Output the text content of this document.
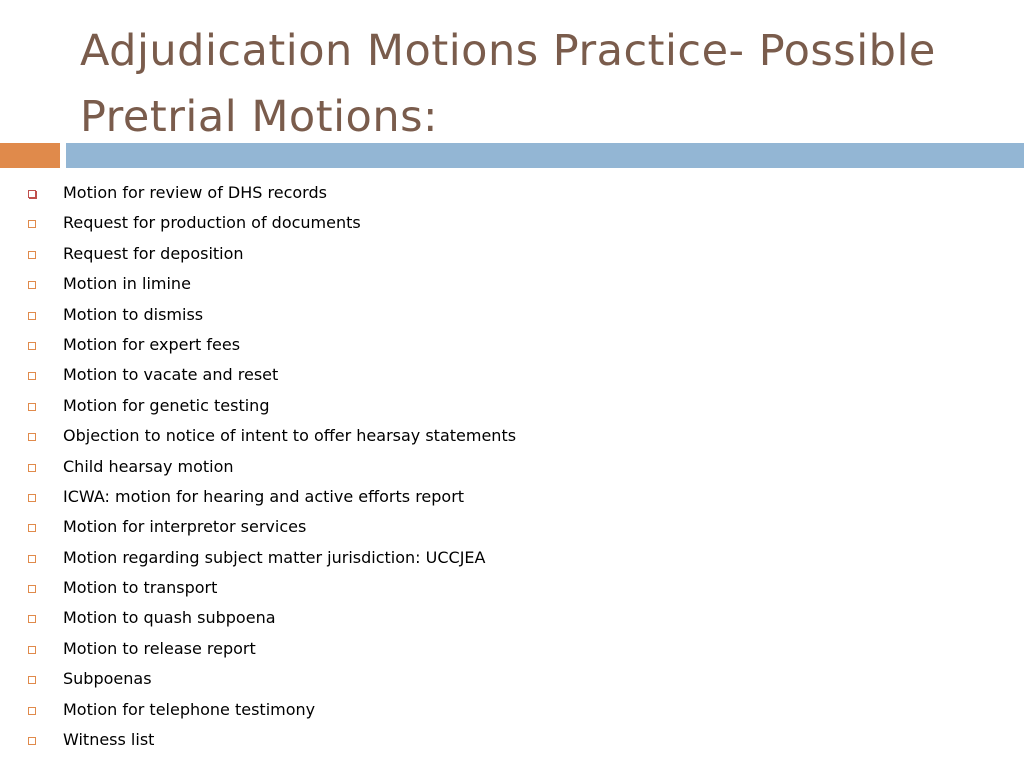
Adjudication Motions Practice- Possible
Pretrial Motions:
Motion for review of DHS records
Request for production of documents
Request for deposition
Motion in limine
Motion to dismiss
Motion for expert fees
Motion to vacate and reset
Motion for genetic testing
Objection to notice of intent to offer hearsay statements
Child hearsay motion
ICWA: motion for hearing and active efforts report
Motion for interpretor services
Motion regarding subject matter jurisdiction: UCCJEA
Motion to transport
Motion to quash subpoena
Motion to release report
Subpoenas
Motion for telephone testimony
Witness list
